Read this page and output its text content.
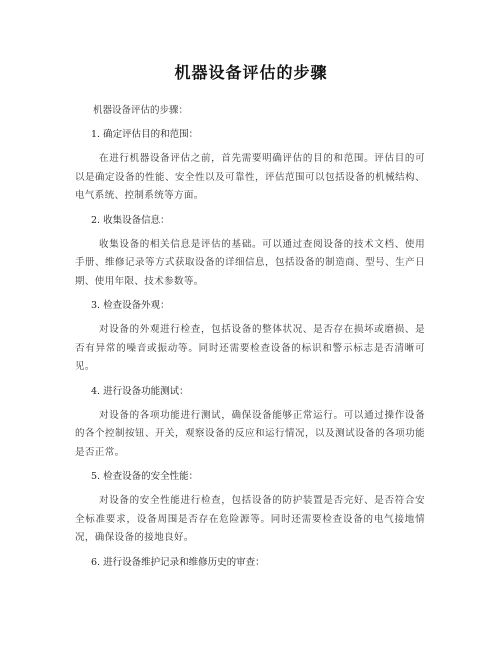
机器设备评估的步骤

机器设备评估的步骤：

1. 确定评估目的和范围：

在进行机器设备评估之前，首先需要明确评估的目的和范围。评估目的可以是确定设备的性能、安全性以及可靠性，评估范围可以包括设备的机械结构、电气系统、控制系统等方面。

2. 收集设备信息：

收集设备的相关信息是评估的基础。可以通过查阅设备的技术文档、使用手册、维修记录等方式获取设备的详细信息，包括设备的制造商、型号、生产日期、使用年限、技术参数等。

3. 检查设备外观：

对设备的外观进行检查，包括设备的整体状况、是否存在损坏或磨损、是否有异常的噪音或振动等。同时还需要检查设备的标识和警示标志是否清晰可见。

4. 进行设备功能测试：

对设备的各项功能进行测试，确保设备能够正常运行。可以通过操作设备的各个控制按钮、开关，观察设备的反应和运行情况，以及测试设备的各项功能是否正常。

5. 检查设备的安全性能：

对设备的安全性能进行检查，包括设备的防护装置是否完好、是否符合安全标准要求，设备周围是否存在危险源等。同时还需要检查设备的电气接地情况，确保设备的接地良好。

6. 进行设备维护记录和维修历史的审查：
